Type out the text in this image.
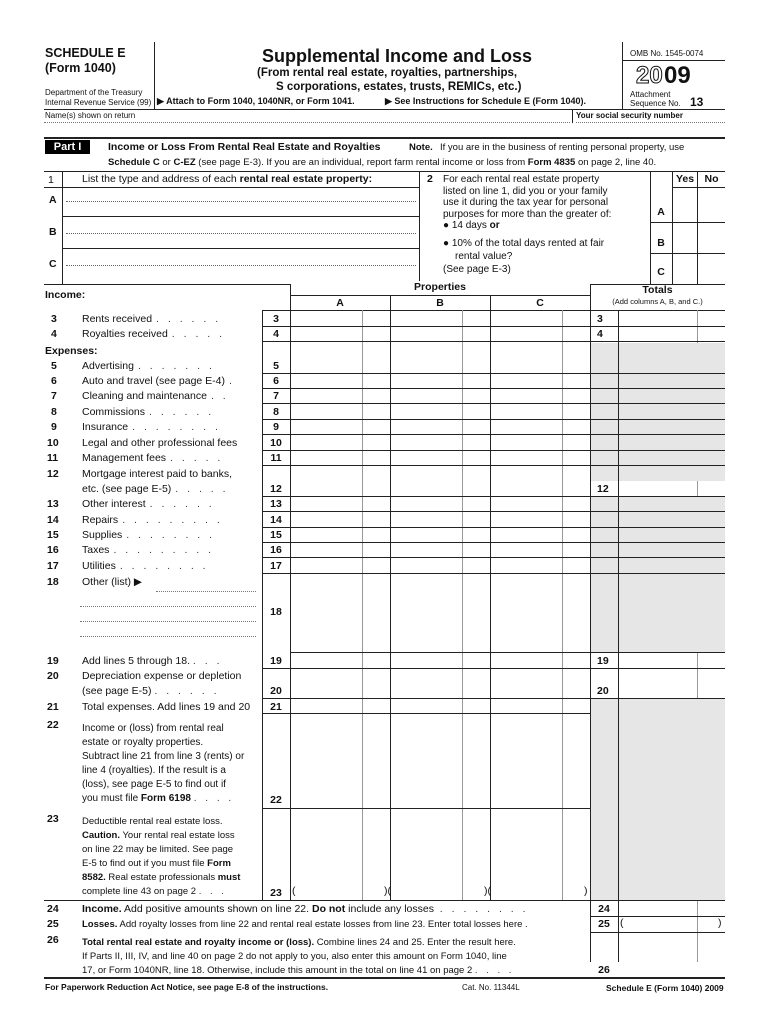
SCHEDULE E
(Form 1040)
Department of the Treasury
Internal Revenue Service (99)
Supplemental Income and Loss
(From rental real estate, royalties, partnerships,
S corporations, estates, trusts, REMICs, etc.)
▶ Attach to Form 1040, 1040NR, or Form 1041.	▶ See Instructions for Schedule E (Form 1040).
OMB No. 1545-0074
20 09
Attachment
Sequence No. 13
Name(s) shown on return	Your social security number
Part I	Income or Loss From Rental Real Estate and Royalties	Note. If you are in the business of renting personal property, use
Schedule C or C-EZ (see page E-3). If you are an individual, report farm rental income or loss from Form 4835 on page 2, line 40.
1	List the type and address of each rental real estate property:
A
B
C
2 For each rental real estate property
listed on line 1, did you or your family
use it during the tax year for personal
purposes for more than the greater of:
● 14 days or
● 10% of the total days rented at fair
rental value?
(See page E-3)
Yes No
A
B
C
Income:
Properties	Totals
(Add columns A, B, and C.)
A	B	C
3 Rents received . . . . . .	3	3
4 Royalties received . . . . .	4	4
5 Advertising . . . . . . .	5
6 Auto and travel (see page E-4) .	6
7 Cleaning and maintenance . .	7
8 Commissions . . . . . .	8
9 Insurance . . . . . . . .	9
10 Legal and other professional fees	10
11 Management fees . . . . .	11
12 Mortgage interest paid to banks,
etc. (see page E-5) . . . . .	12	12
13 Other interest . . . . . .	13
14 Repairs . . . . . . . . .	14
15 Supplies . . . . . . . .	15
16 Taxes . . . . . . . . .	16
17 Utilities . . . . . . . .	17
18 Other (list) ▶
Expenses:
18
19 Add lines 5 through 18. . . .	19	19
20 Depreciation expense or depletion
(see page E-5) . . . . . .	20	20
21 Total expenses. Add lines 19 and 20	21
22 Income or (loss) from rental real
estate or royalty properties.
Subtract line 21 from line 3 (rents) or
line 4 (royalties). If the result is a
(loss), see page E-5 to find out if
you must file Form 6198 . . . .	22
23 Deductible rental real estate loss.
Caution. Your rental real estate loss
on line 22 may be limited. See page
E-5 to find out if you must file Form
8582. Real estate professionals must
complete line 43 on page 2 . . .	23 (	)(	)(	)
24 Income. Add positive amounts shown on line 22. Do not include any losses . . . . . . . .	24
25 Losses. Add royalty losses from line 22 and rental real estate losses from line 23. Enter total losses here .	25 (	)
26 Total rental real estate and royalty income or (loss). Combine lines 24 and 25. Enter the result here.
If Parts II, III, IV, and line 40 on page 2 do not apply to you, also enter this amount on Form 1040, line
17, or Form 1040NR, line 18. Otherwise, include this amount in the total on line 41 on page 2 . . . .	26
For Paperwork Reduction Act Notice, see page E-8 of the instructions.	Cat. No. 11344L	Schedule E (Form 1040) 2009
